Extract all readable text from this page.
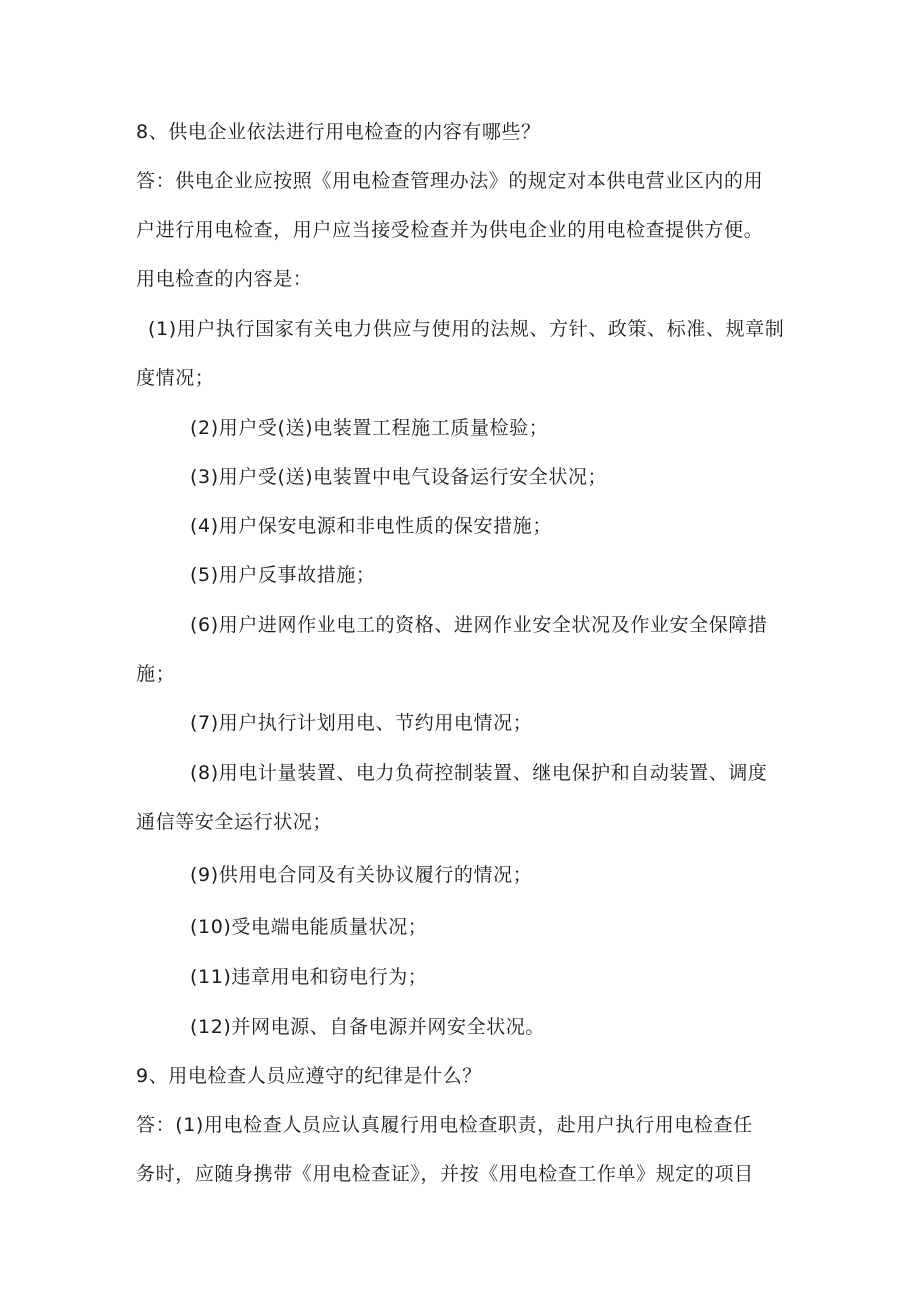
8、供电企业依法进行用电检查的内容有哪些？
答：供电企业应按照《用电检查管理办法》的规定对本供电营业区内的用
户进行用电检查，用户应当接受检查并为供电企业的用电检查提供方便。
用电检查的内容是：
(1)用户执行国家有关电力供应与使用的法规、方针、政策、标准、规章制
度情况；
(2)用户受(送)电装置工程施工质量检验；
(3)用户受(送)电装置中电气设备运行安全状况；
(4)用户保安电源和非电性质的保安措施；
(5)用户反事故措施；
(6)用户进网作业电工的资格、进网作业安全状况及作业安全保障措
施；
(7)用户执行计划用电、节约用电情况；
(8)用电计量装置、电力负荷控制装置、继电保护和自动装置、调度
通信等安全运行状况；
(9)供用电合同及有关协议履行的情况；
(10)受电端电能质量状况；
(11)违章用电和窃电行为；
(12)并网电源、自备电源并网安全状况。
9、用电检查人员应遵守的纪律是什么？
答：(1)用电检查人员应认真履行用电检查职责，赴用户执行用电检查任
务时，应随身携带《用电检查证》，并按《用电检查工作单》规定的项目
